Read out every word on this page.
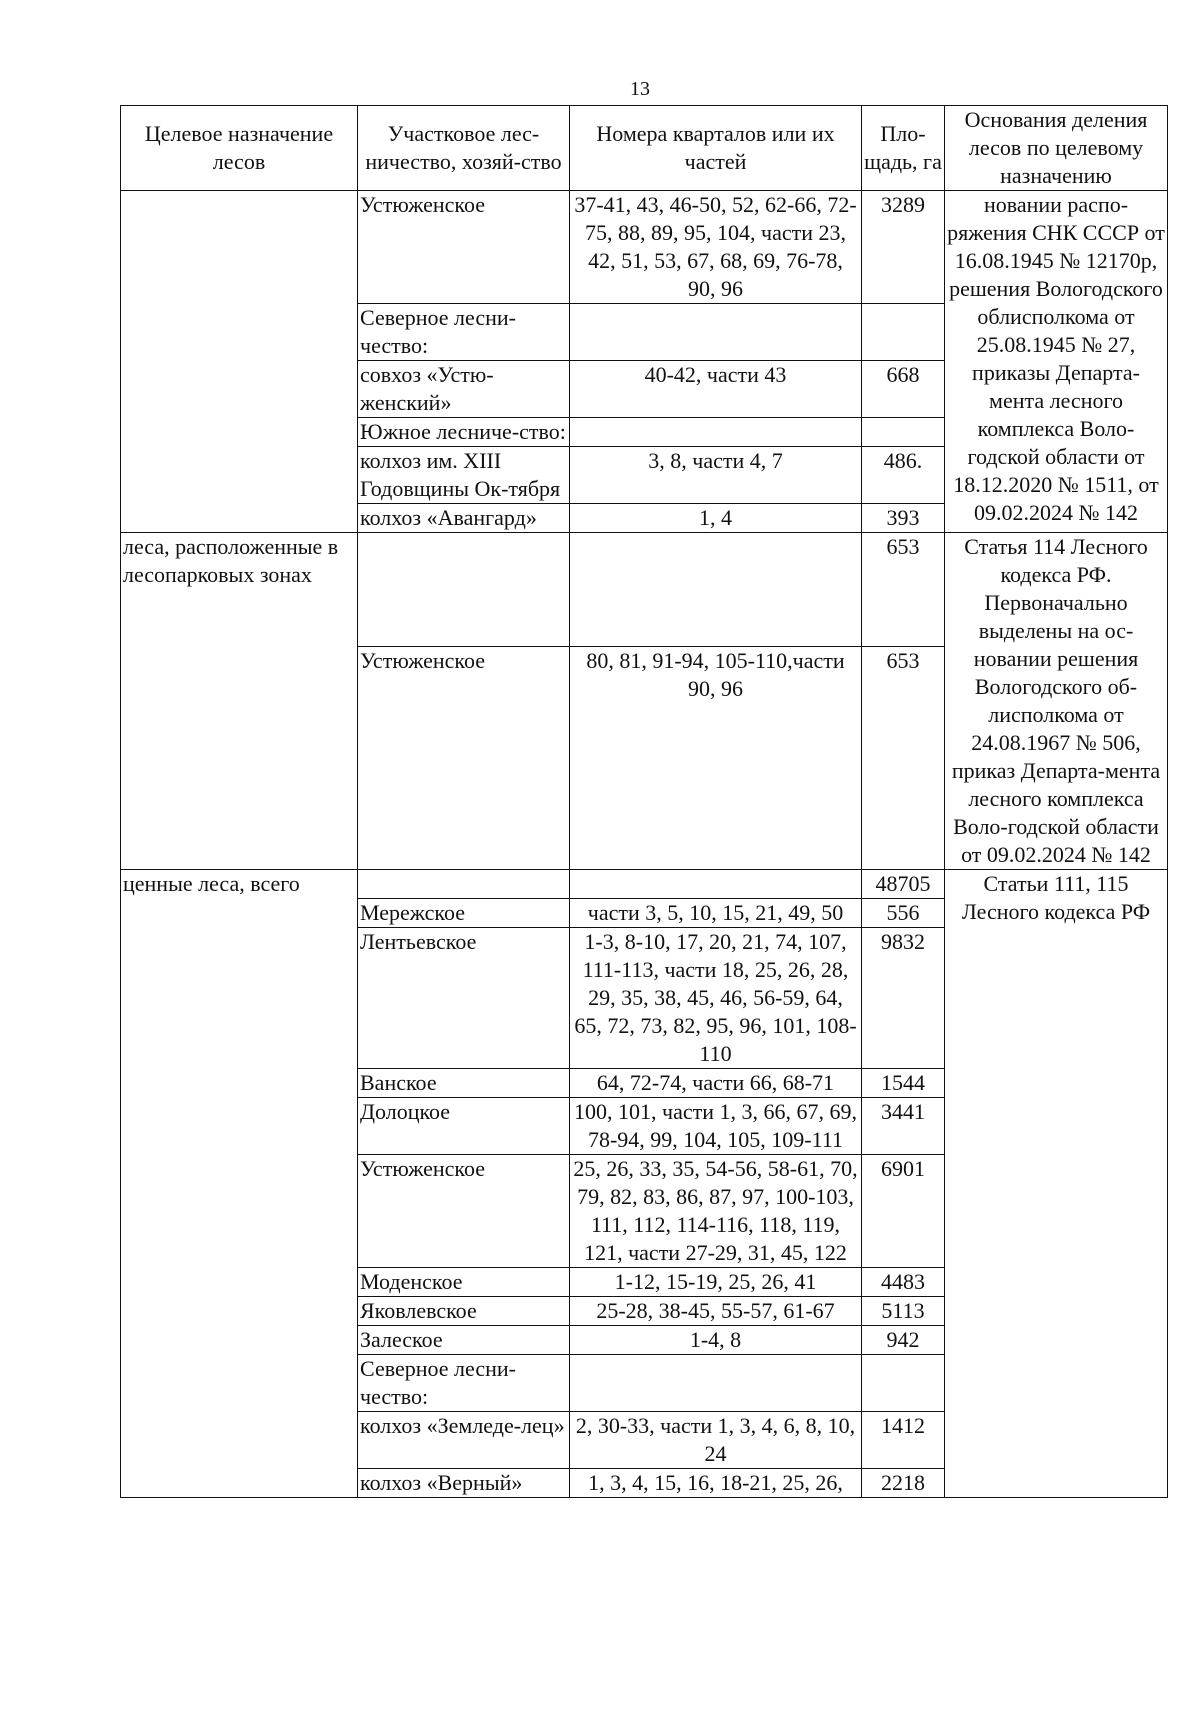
13
Целевое назначение лесов	Участковое лес-ничество, хозяй-ство	Номера кварталов или их частей	Пло-щадь, га	Основания деления лесов по целевому назначению
	Устюженское	37-41, 43, 46-50, 52, 62-66, 72-75, 88, 89, 95, 104, части 23, 42, 51, 53, 67, 68, 69, 76-78, 90, 96	3289	новании распо-ряжения СНК СССР от 16.08.1945 № 12170р, решения Вологодского облисполкома от 25.08.1945 № 27, приказы Департа-мента лесного комплекса Воло-годской области от 18.12.2020 № 1511, от 09.02.2024 № 142
	Северное лесни-чество:			
	совхоз «Устю-женский»	40-42, части 43	668	
	Южное лесниче-ство:			
	колхоз им. XIII Годовщины Ок-тября	3, 8, части 4, 7	486.	
	колхоз «Авангард»	1, 4	393	
леса, расположенные в лесопарковых зонах			653	Статья 114 Лесного кодекса РФ. Первоначально выделены на ос-новании решения Вологодского об-лисполкома от 24.08.1967 № 506, приказ Департа-мента лесного комплекса Воло-годской области от 09.02.2024 № 142
	Устюженское	80, 81, 91-94, 105-110,части 90, 96	653	
ценные леса, всего			48705	Статьи 111, 115 Лесного кодекса РФ
	Мережское	части 3, 5, 10, 15, 21, 49, 50	556	
	Лентьевское	1-3, 8-10, 17, 20, 21, 74, 107, 111-113, части 18, 25, 26, 28, 29, 35, 38, 45, 46, 56-59, 64, 65, 72, 73, 82, 95, 96, 101, 108-110	9832	
	Ванское	64, 72-74, части 66, 68-71	1544	
	Долоцкое	100, 101, части 1, 3, 66, 67, 69, 78-94, 99, 104, 105, 109-111	3441	
	Устюженское	25, 26, 33, 35, 54-56, 58-61, 70, 79, 82, 83, 86, 87, 97, 100-103, 111, 112, 114-116, 118, 119, 121, части 27-29, 31, 45, 122	6901	
	Моденское	1-12, 15-19, 25, 26, 41	4483	
	Яковлевское	25-28, 38-45, 55-57, 61-67	5113	
	Залеское	1-4, 8	942	
	Северное лесни-чество:			
	колхоз «Земледе-лец»	2, 30-33, части 1, 3, 4, 6, 8, 10, 24	1412	
	колхоз «Верный»	1, 3, 4, 15, 16, 18-21, 25, 26,	2218	
